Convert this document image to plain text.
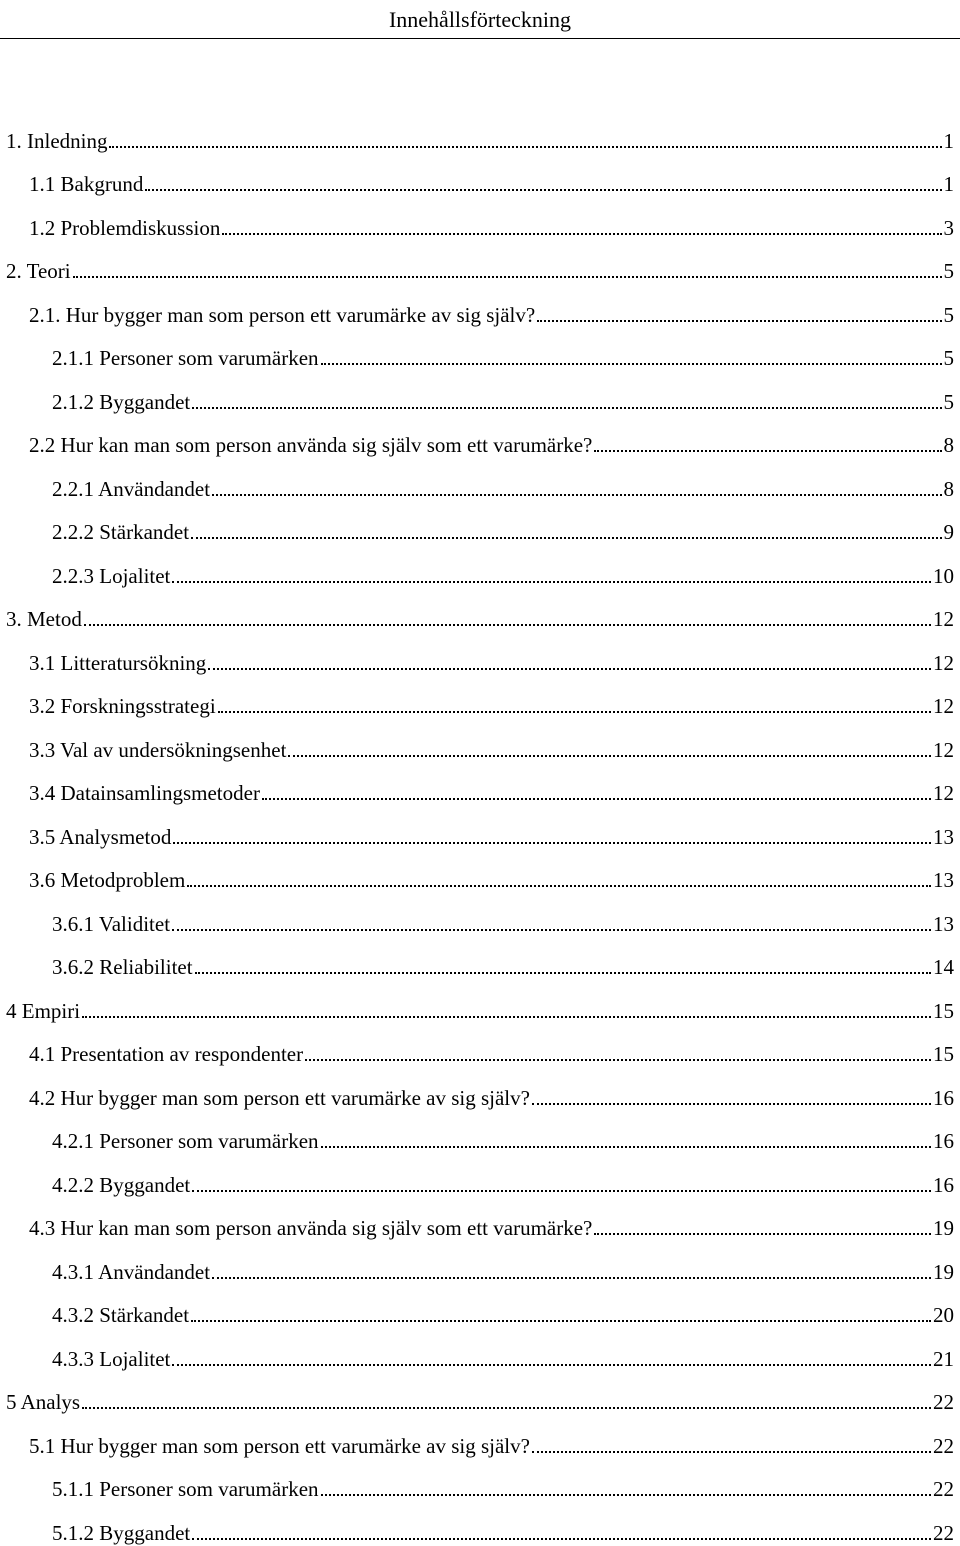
Innehållsförteckning
1. Inledning	1
1.1 Bakgrund	1
1.2 Problemdiskussion	3
2. Teori	5
2.1. Hur bygger man som person ett varumärke av sig själv?	5
2.1.1 Personer som varumärken	5
2.1.2 Byggandet	5
2.2 Hur kan man som person använda sig själv som ett varumärke?	8
2.2.1 Användandet	8
2.2.2 Stärkandet	9
2.2.3 Lojalitet	10
3. Metod	12
3.1 Litteratursökning	12
3.2 Forskningsstrategi	12
3.3 Val av undersökningsenhet	12
3.4 Datainsamlingsmetoder	12
3.5 Analysmetod	13
3.6 Metodproblem	13
3.6.1 Validitet	13
3.6.2 Reliabilitet	14
4 Empiri	15
4.1 Presentation av respondenter	15
4.2 Hur bygger man som person ett varumärke av sig själv?	16
4.2.1 Personer som varumärken	16
4.2.2 Byggandet	16
4.3 Hur kan man som person använda sig själv som ett varumärke?	19
4.3.1 Användandet	19
4.3.2 Stärkandet	20
4.3.3 Lojalitet	21
5 Analys	22
5.1 Hur bygger man som person ett varumärke av sig själv?	22
5.1.1 Personer som varumärken	22
5.1.2 Byggandet	22
